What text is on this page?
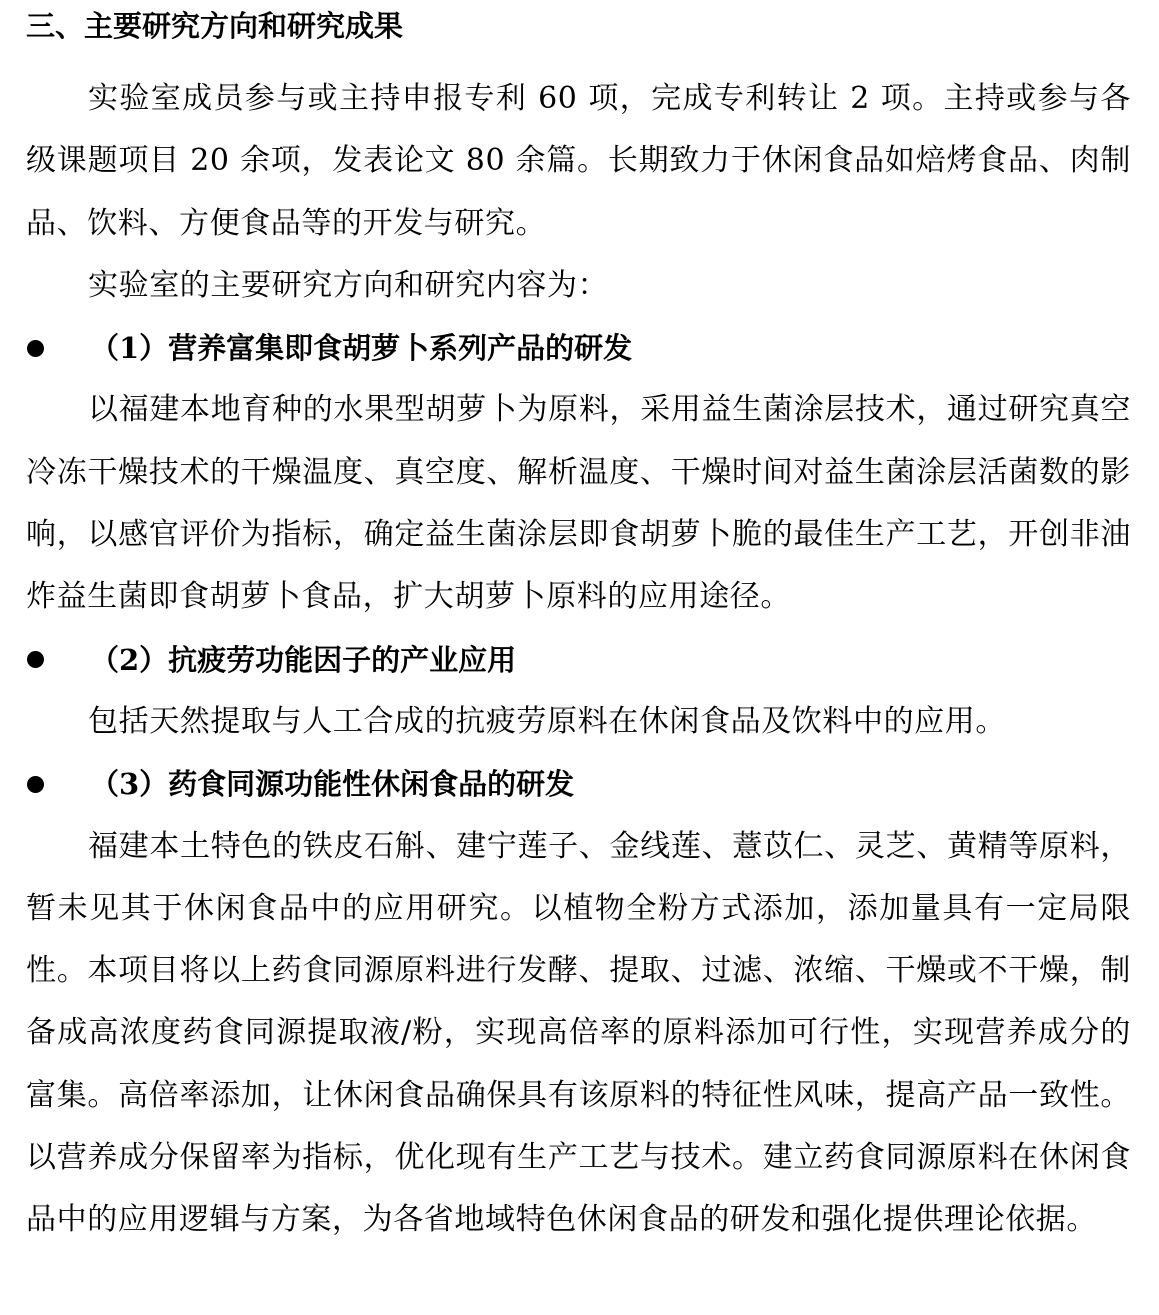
三、主要研究方向和研究成果

实验室成员参与或主持申报专利 60 项，完成专利转让 2 项。主持或参与各级课题项目 20 余项，发表论文 80 余篇。长期致力于休闲食品如焙烤食品、肉制品、饮料、方便食品等的开发与研究。

实验室的主要研究方向和研究内容为：

（1）营养富集即食胡萝卜系列产品的研发

以福建本地育种的水果型胡萝卜为原料，采用益生菌涂层技术，通过研究真空冷冻干燥技术的干燥温度、真空度、解析温度、干燥时间对益生菌涂层活菌数的影响，以感官评价为指标，确定益生菌涂层即食胡萝卜脆的最佳生产工艺，开创非油炸益生菌即食胡萝卜食品，扩大胡萝卜原料的应用途径。

（2）抗疲劳功能因子的产业应用

包括天然提取与人工合成的抗疲劳原料在休闲食品及饮料中的应用。

（3）药食同源功能性休闲食品的研发

福建本土特色的铁皮石斛、建宁莲子、金线莲、薏苡仁、灵芝、黄精等原料，暂未见其于休闲食品中的应用研究。以植物全粉方式添加，添加量具有一定局限性。本项目将以上药食同源原料进行发酵、提取、过滤、浓缩、干燥或不干燥，制备成高浓度药食同源提取液/粉，实现高倍率的原料添加可行性，实现营养成分的富集。高倍率添加，让休闲食品确保具有该原料的特征性风味，提高产品一致性。以营养成分保留率为指标，优化现有生产工艺与技术。建立药食同源原料在休闲食品中的应用逻辑与方案，为各省地域特色休闲食品的研发和强化提供理论依据。
